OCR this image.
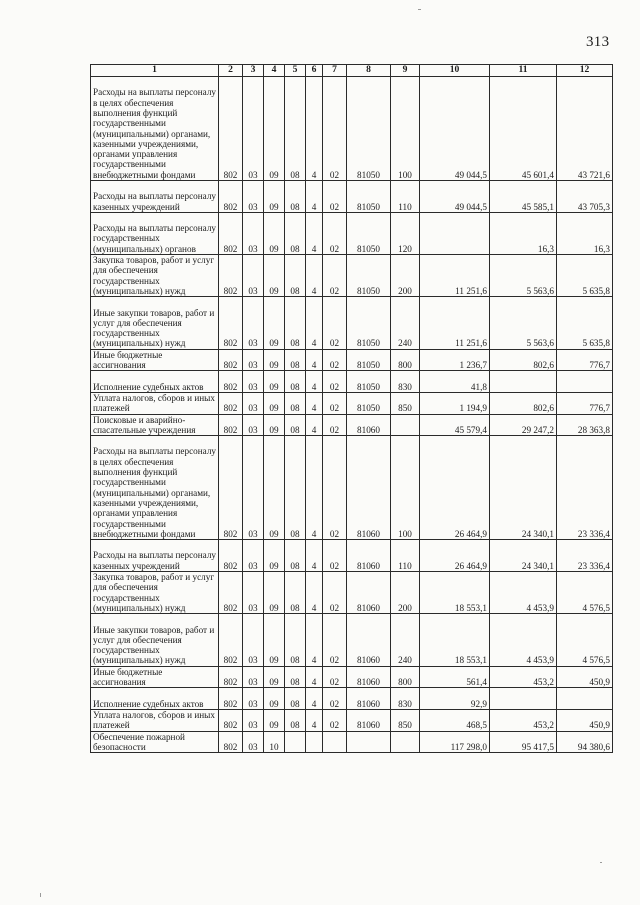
313
1	2	3	4	5	6	7	8	9	10	11	12
Расходы на выплаты персоналу в целях обеспечения выполнения функций государственными (муниципальными) органами, казенными учреждениями, органами управления государственными внебюджетными фондами	802	03	09	08	4	02	81050	100	49 044,5	45 601,4	43 721,6
Расходы на выплаты персоналу казенных учреждений	802	03	09	08	4	02	81050	110	49 044,5	45 585,1	43 705,3
Расходы на выплаты персоналу государственных (муниципальных) органов	802	03	09	08	4	02	81050	120		16,3	16,3
Закупка товаров, работ и услуг для обеспечения государственных (муниципальных) нужд	802	03	09	08	4	02	81050	200	11 251,6	5 563,6	5 635,8
Иные закупки товаров, работ и услуг для обеспечения государственных (муниципальных) нужд	802	03	09	08	4	02	81050	240	11 251,6	5 563,6	5 635,8
Иные бюджетные ассигнования	802	03	09	08	4	02	81050	800	1 236,7	802,6	776,7
Исполнение судебных актов	802	03	09	08	4	02	81050	830	41,8		
Уплата налогов, сборов и иных платежей	802	03	09	08	4	02	81050	850	1 194,9	802,6	776,7
Поисковые и аварийно-спасательные учреждения	802	03	09	08	4	02	81060		45 579,4	29 247,2	28 363,8
Расходы на выплаты персоналу в целях обеспечения выполнения функций государственными (муниципальными) органами, казенными учреждениями, органами управления государственными внебюджетными фондами	802	03	09	08	4	02	81060	100	26 464,9	24 340,1	23 336,4
Расходы на выплаты персоналу казенных учреждений	802	03	09	08	4	02	81060	110	26 464,9	24 340,1	23 336,4
Закупка товаров, работ и услуг для обеспечения государственных (муниципальных) нужд	802	03	09	08	4	02	81060	200	18 553,1	4 453,9	4 576,5
Иные закупки товаров, работ и услуг для обеспечения государственных (муниципальных) нужд	802	03	09	08	4	02	81060	240	18 553,1	4 453,9	4 576,5
Иные бюджетные ассигнования	802	03	09	08	4	02	81060	800	561,4	453,2	450,9
Исполнение судебных актов	802	03	09	08	4	02	81060	830	92,9		
Уплата налогов, сборов и иных платежей	802	03	09	08	4	02	81060	850	468,5	453,2	450,9
Обеспечение пожарной безопасности	802	03	10						117 298,0	95 417,5	94 380,6
